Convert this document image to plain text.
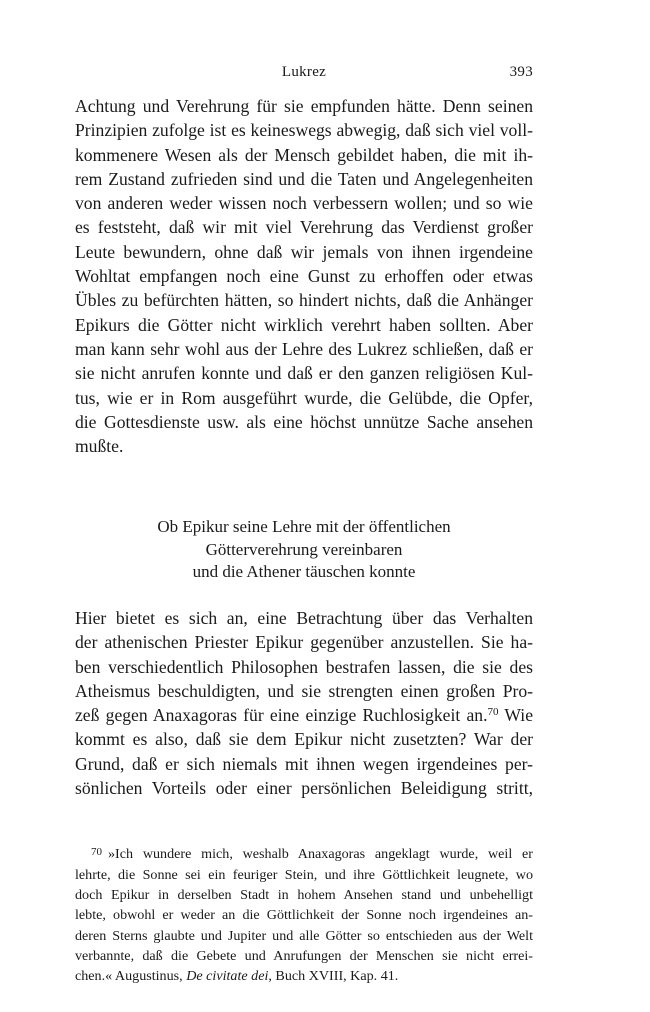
Lukrez	393
Achtung und Verehrung für sie empfunden hätte. Denn seinen
Prinzipien zufolge ist es keineswegs abwegig, daß sich viel voll-
kommenere Wesen als der Mensch gebildet haben, die mit ih-
rem Zustand zufrieden sind und die Taten und Angelegenheiten
von anderen weder wissen noch verbessern wollen; und so wie
es feststeht, daß wir mit viel Verehrung das Verdienst großer
Leute bewundern, ohne daß wir jemals von ihnen irgendeine
Wohltat empfangen noch eine Gunst zu erhoffen oder etwas
Übles zu befürchten hätten, so hindert nichts, daß die Anhänger
Epikurs die Götter nicht wirklich verehrt haben sollten. Aber
man kann sehr wohl aus der Lehre des Lukrez schließen, daß er
sie nicht anrufen konnte und daß er den ganzen religiösen Kul-
tus, wie er in Rom ausgeführt wurde, die Gelübde, die Opfer,
die Gottesdienste usw. als eine höchst unnütze Sache ansehen
mußte.
Ob Epikur seine Lehre mit der öffentlichen
Götterverehrung vereinbaren
und die Athener täuschen konnte
Hier bietet es sich an, eine Betrachtung über das Verhalten
der athenischen Priester Epikur gegenüber anzustellen. Sie ha-
ben verschiedentlich Philosophen bestrafen lassen, die sie des
Atheismus beschuldigten, und sie strengten einen großen Pro-
zeß gegen Anaxagoras für eine einzige Ruchlosigkeit an.$^{70}$ Wie
kommt es also, daß sie dem Epikur nicht zusetzten? War der
Grund, daß er sich niemals mit ihnen wegen irgendeines per-
sönlichen Vorteils oder einer persönlichen Beleidigung stritt,
$^{70}$ »Ich wundere mich, weshalb Anaxagoras angeklagt wurde, weil er
lehrte, die Sonne sei ein feuriger Stein, und ihre Göttlichkeit leugnete, wo
doch Epikur in derselben Stadt in hohem Ansehen stand und unbehelligt
lebte, obwohl er weder an die Göttlichkeit der Sonne noch irgendeines an-
deren Sterns glaubte und Jupiter und alle Götter so entschieden aus der Welt
verbannte, daß die Gebete und Anrufungen der Menschen sie nicht errei-
chen.« Augustinus, De civitate dei, Buch XVIII, Kap. 41.
